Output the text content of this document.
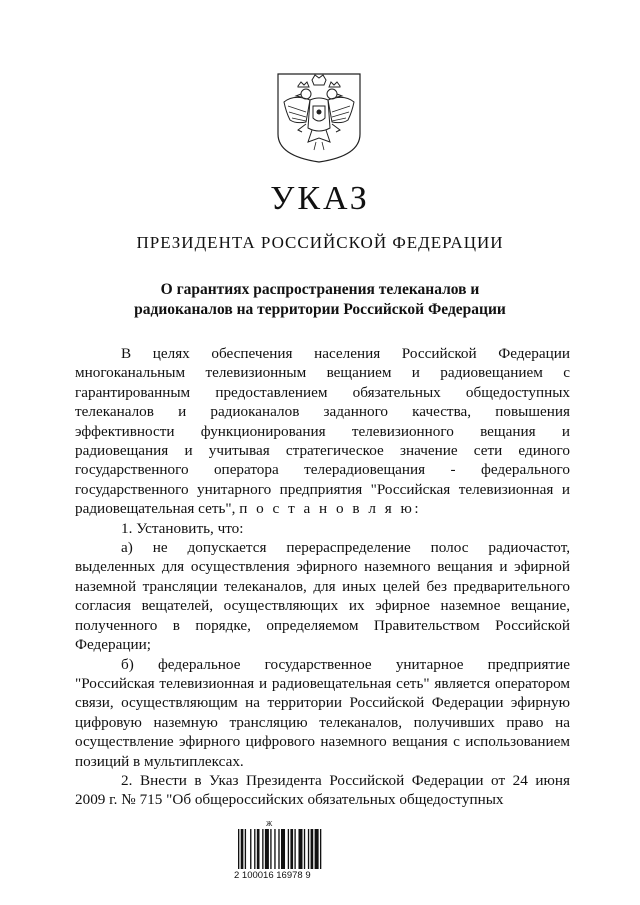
УКАЗ
ПРЕЗИДЕНТА РОССИЙСКОЙ ФЕДЕРАЦИИ
О гарантиях распространения телеканалов и
радиоканалов на территории Российской Федерации

В целях обеспечения населения Российской Федерации многоканальным телевизионным вещанием и радиовещанием с гарантированным предоставлением обязательных общедоступных телеканалов и радиоканалов заданного качества, повышения эффективности функционирования телевизионного вещания и радиовещания и учитывая стратегическое значение сети единого государственного оператора телерадиовещания - федерального государственного унитарного предприятия "Российская телевизионная и радиовещательная сеть", п о с т а н о в л я ю:

1. Установить, что:

а) не допускается перераспределение полос радиочастот, выделенных для осуществления эфирного наземного вещания и эфирной наземной трансляции телеканалов, для иных целей без предварительного согласия вещателей, осуществляющих их эфирное наземное вещание, полученного в порядке, определяемом Правительством Российской Федерации;

б) федеральное государственное унитарное предприятие "Российская телевизионная и радиовещательная сеть" является оператором связи, осуществляющим на территории Российской Федерации эфирную цифровую наземную трансляцию телеканалов, получивших право на осуществление эфирного цифрового наземного вещания с использованием позиций в мультиплексах.

2. Внести в Указ Президента Российской Федерации от 24 июня 2009 г. № 715 "Об общероссийских обязательных общедоступных

Ж
2 100016 16978 9
